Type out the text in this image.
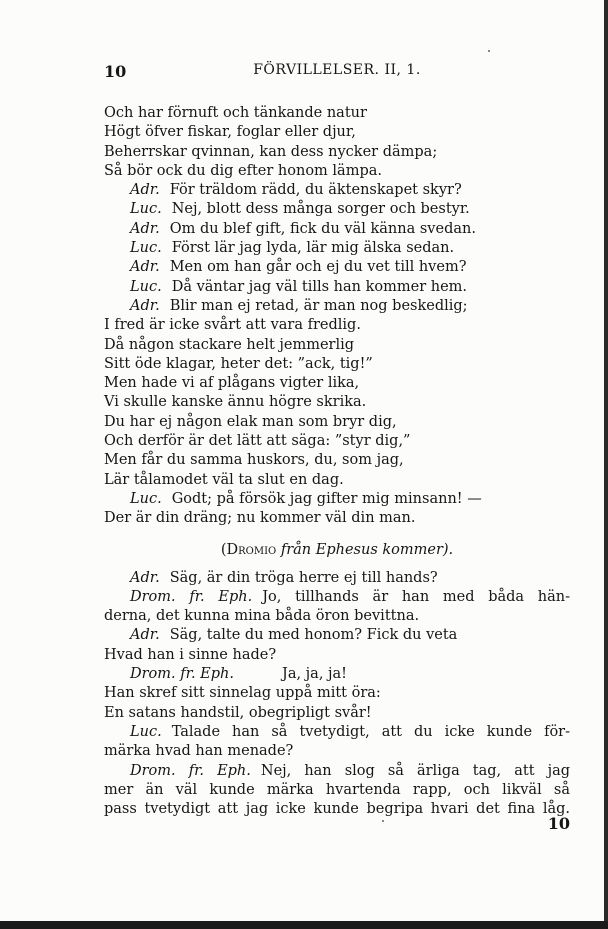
10	FÖRVILLELSER. II, 1.
Och har förnuft och tänkande natur
Högt öfver fiskar, foglar eller djur,
Beherrskar qvinnan, kan dess nycker dämpa;
Så bör ock du dig efter honom lämpa.
Adr. För träldom rädd, du äktenskapet skyr?
Luc. Nej, blott dess många sorger och bestyr.
Adr. Om du blef gift, fick du väl känna svedan.
Luc. Först lär jag lyda, lär mig älska sedan.
Adr. Men om han går och ej du vet till hvem?
Luc. Då väntar jag väl tills han kommer hem.
Adr. Blir man ej retad, är man nog beskedlig;
I fred är icke svårt att vara fredlig.
Då någon stackare helt jemmerlig
Sitt öde klagar, heter det: ”ack, tig!”
Men hade vi af plågans vigter lika,
Vi skulle kanske ännu högre skrika.
Du har ej någon elak man som bryr dig,
Och derför är det lätt att säga: ”styr dig,”
Men får du samma huskors, du, som jag,
Lär tålamodet väl ta slut en dag.
Luc. Godt; på försök jag gifter mig minsann! —
Der är din dräng; nu kommer väl din man.
(Dromio från Ephesus kommer).
Adr. Säg, är din tröga herre ej till hands?
Drom. fr. Eph. Jo, tillhands är han med båda hän-
derna, det kunna mina båda öron bevittna.
Adr. Säg, talte du med honom? Fick du veta
Hvad han i sinne hade?
Drom. fr. Eph.	Ja, ja, ja!
Han skref sitt sinnelag uppå mitt öra:
En satans handstil, obegripligt svår!
Luc. Talade han så tvetydigt, att du icke kunde för-
märka hvad han menade?
Drom. fr. Eph. Nej, han slog så ärliga tag, att jag
mer än väl kunde märka hvartenda rapp, och likväl så
pass tvetydigt att jag icke kunde begripa hvari det fina låg.
10
